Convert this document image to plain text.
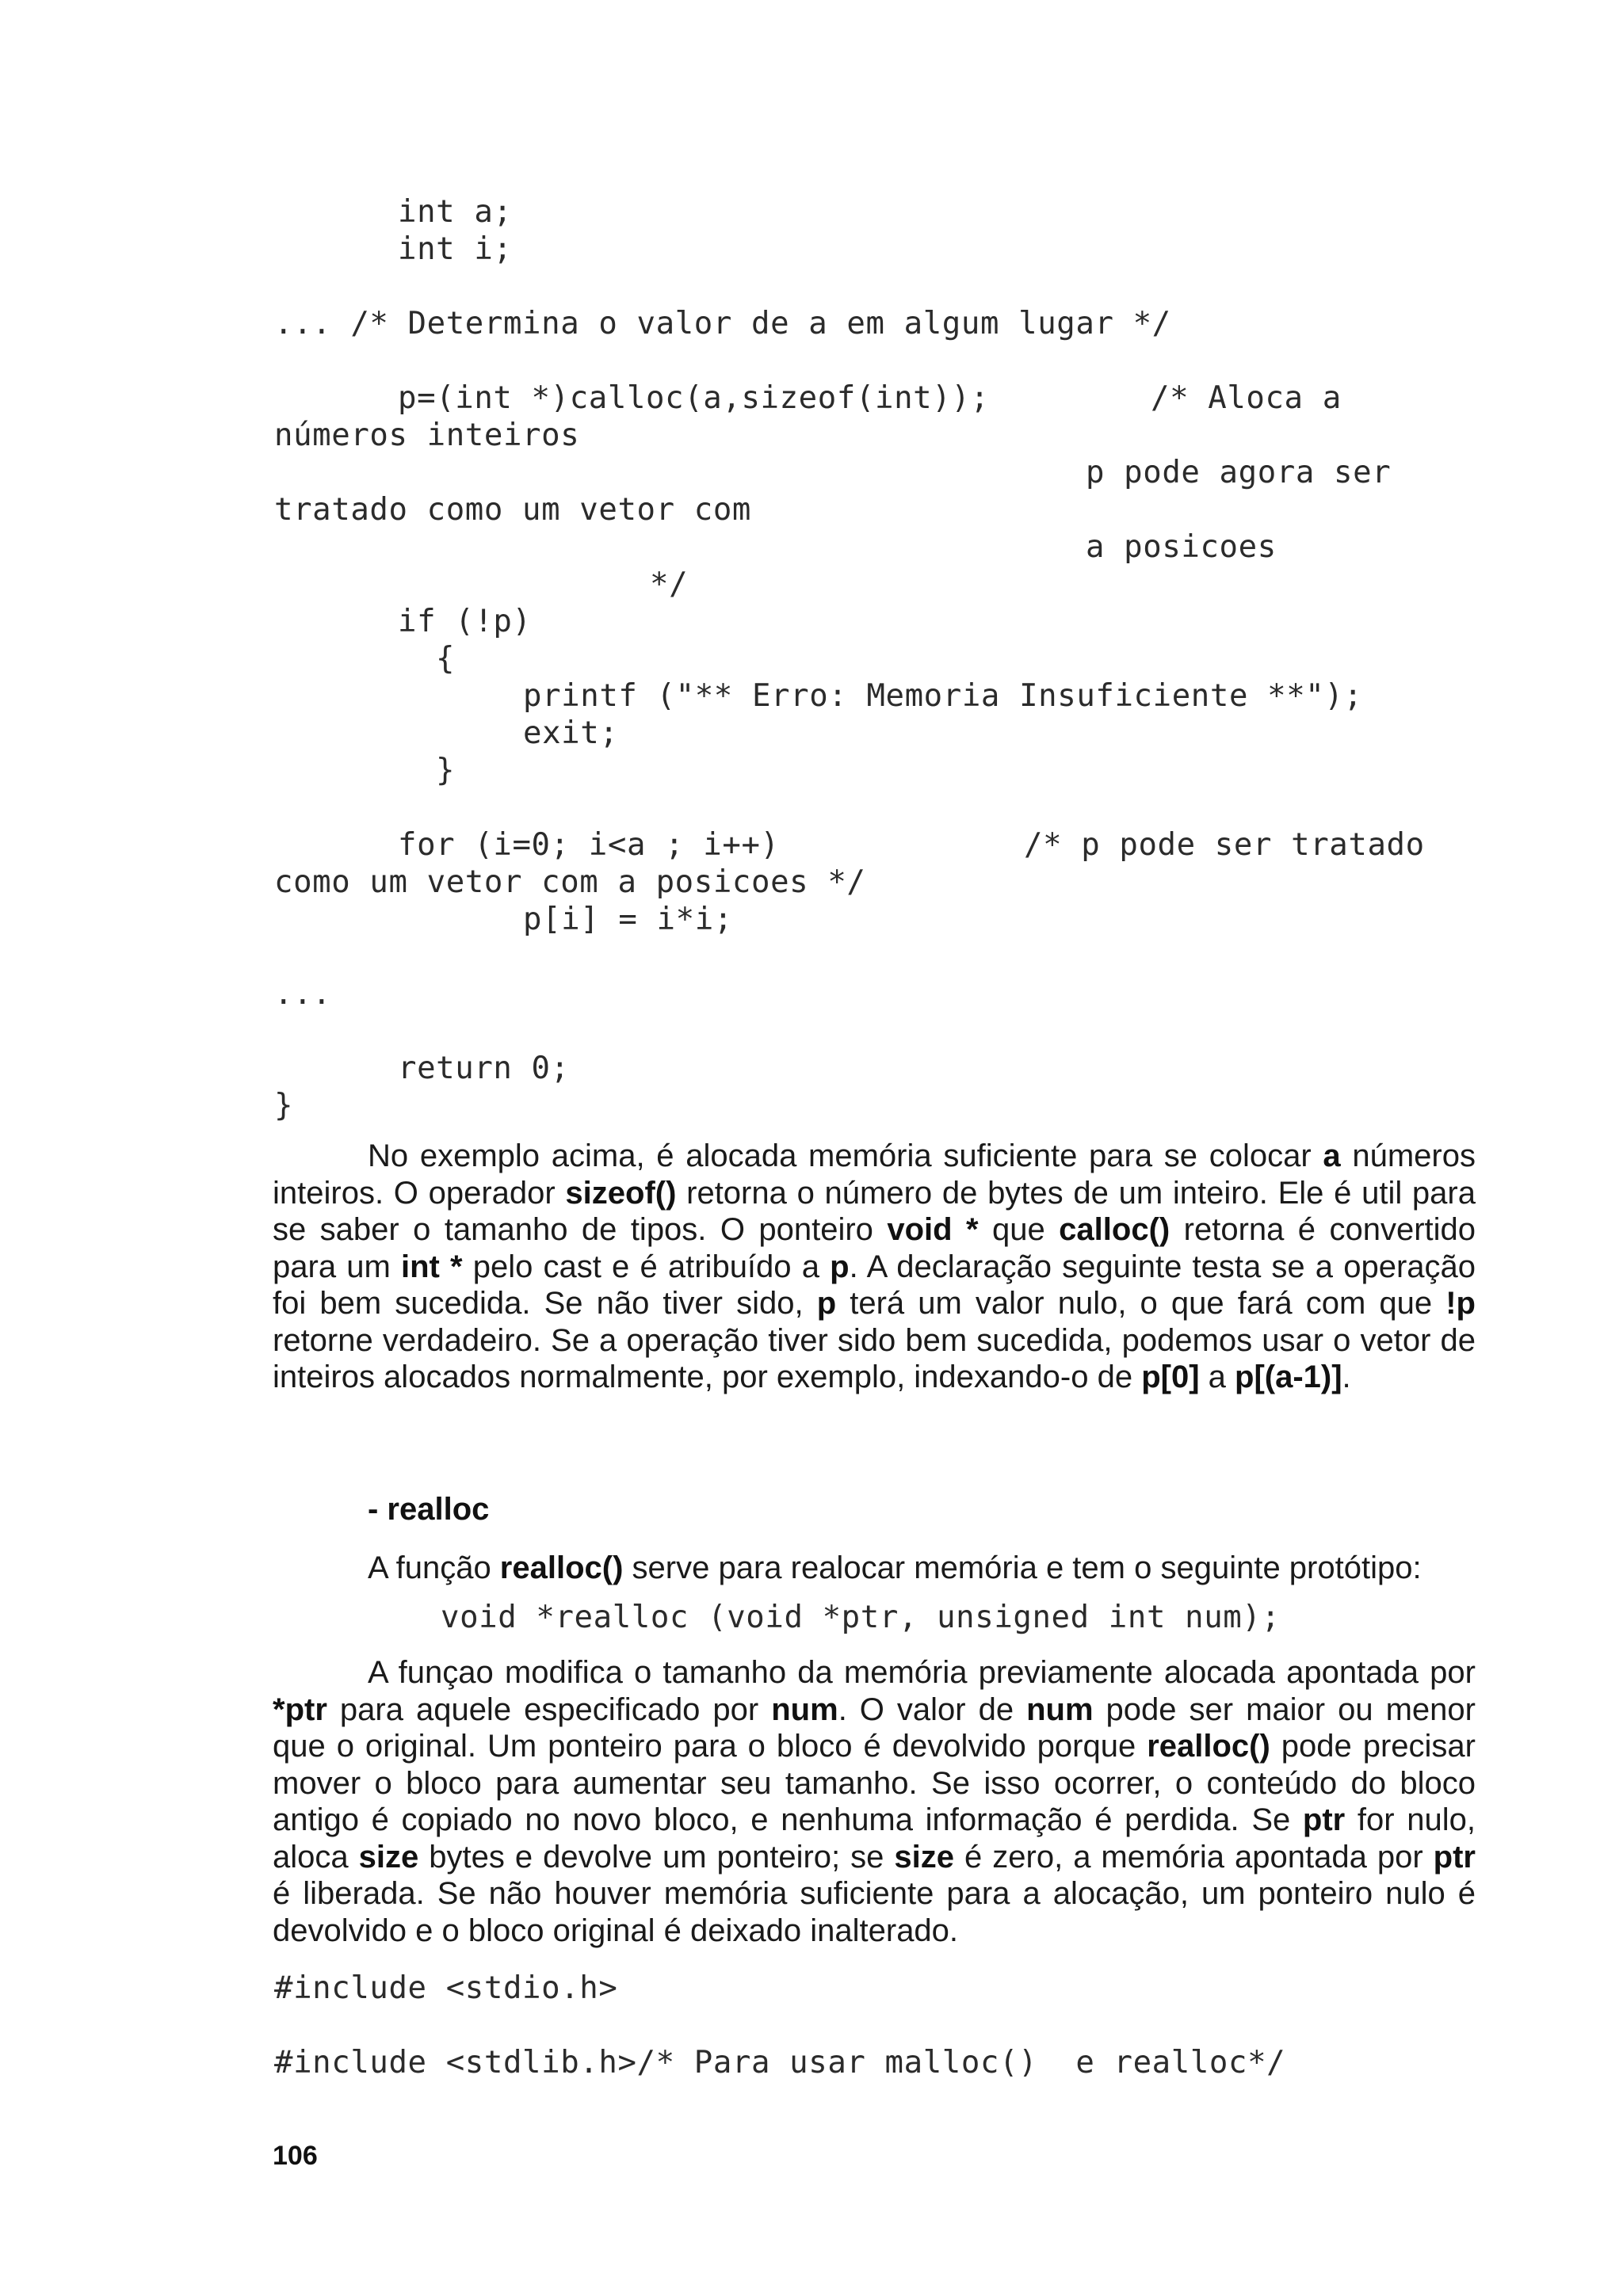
int a;
int i;
... /* Determina o valor de a em algum lugar */
p=(int *)calloc(a,sizeof(int));	/* Aloca a
números inteiros
p pode agora ser
tratado como um vetor com
a posicoes
*/
if (!p)
{
printf ("** Erro: Memoria Insuficiente **");
exit;
}
for (i=0; i<a ; i++)	/* p pode ser tratado
como um vetor com a posicoes */
p[i] = i*i;
...
return 0;
}

No exemplo acima, é alocada memória suficiente para se colocar a números inteiros. O operador sizeof() retorna o número de bytes de um inteiro. Ele é util para se saber o tamanho de tipos. O ponteiro void * que calloc() retorna é convertido para um int * pelo cast e é atribuído a p. A declaração seguinte testa se a operação foi bem sucedida. Se não tiver sido, p terá um valor nulo, o que fará com que !p retorne verdadeiro. Se a operação tiver sido bem sucedida, podemos usar o vetor de inteiros alocados normalmente, por exemplo, indexando-o de p[0] a p[(a-1)].

- realloc
A função realloc() serve para realocar memória e tem o seguinte protótipo:
void *realloc (void *ptr, unsigned int num);

A funçao modifica o tamanho da memória previamente alocada apontada por *ptr para aquele especificado por num. O valor de num pode ser maior ou menor que o original. Um ponteiro para o bloco é devolvido porque realloc() pode precisar mover o bloco para aumentar seu tamanho. Se isso ocorrer, o conteúdo do bloco antigo é copiado no novo bloco, e nenhuma informação é perdida. Se ptr for nulo, aloca size bytes e devolve um ponteiro; se size é zero, a memória apontada por ptr é liberada. Se não houver memória suficiente para a alocação, um ponteiro nulo é devolvido e o bloco original é deixado inalterado.

#include <stdio.h>
#include <stdlib.h>/* Para usar malloc()  e realloc*/
106
